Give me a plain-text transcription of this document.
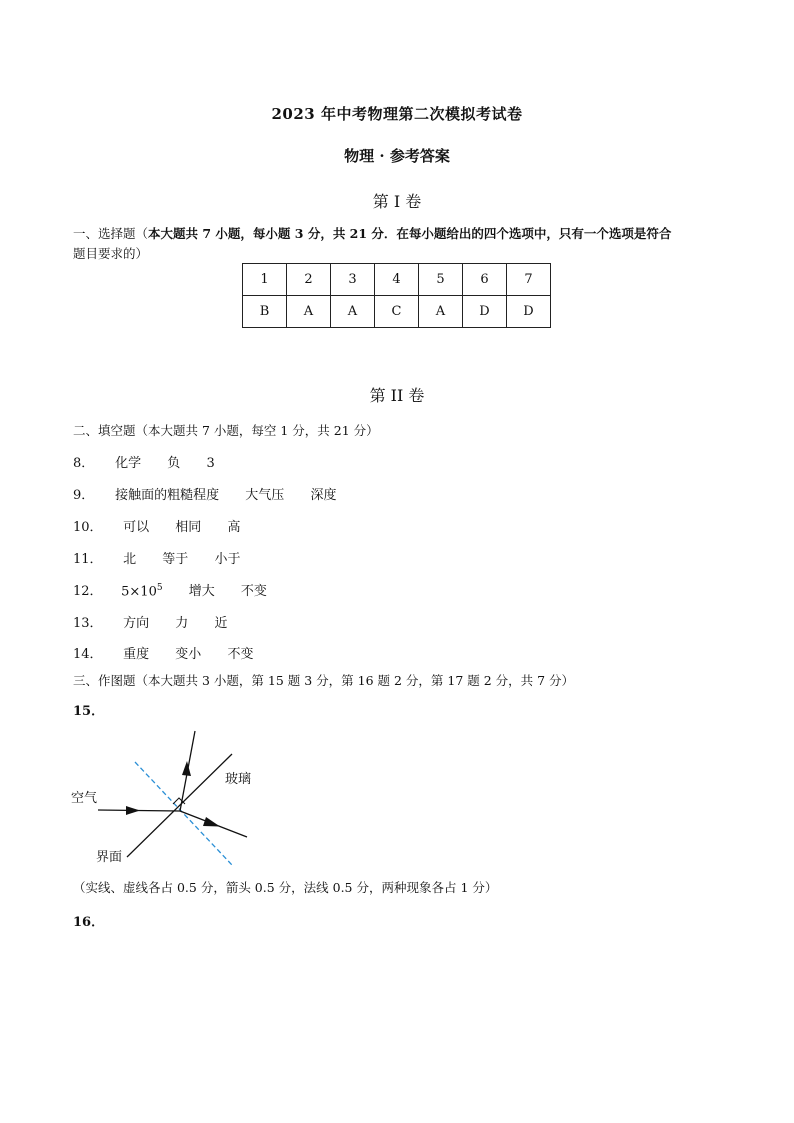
2023 年中考物理第二次模拟考试卷
物理 · 参考答案
第 I 卷
一、选择题（本大题共 7 小题，每小题 3 分，共 21 分．在每小题给出的四个选项中，只有一个选项是符合
题目要求的）
1	2	3	4	5	6	7
B	A	A	C	A	D	D
第 II 卷
二、填空题（本大题共 7 小题，每空 1 分，共 21 分）
8． 化学 负 3
9． 接触面的粗糙程度 大气压 深度
10． 可以 相同 高
11． 北 等于 小于
12． $5\times 10^5$ 增大 不变
13． 方向 力 近
14． 重度 变小 不变
三、作图题（本大题共 3 小题，第 15 题 3 分，第 16 题 2 分，第 17 题 2 分，共 7 分）
15．
空气
玻璃
界面
（实线、虚线各占 0.5 分，箭头 0.5 分，法线 0.5 分，两种现象各占 1 分）
16．
